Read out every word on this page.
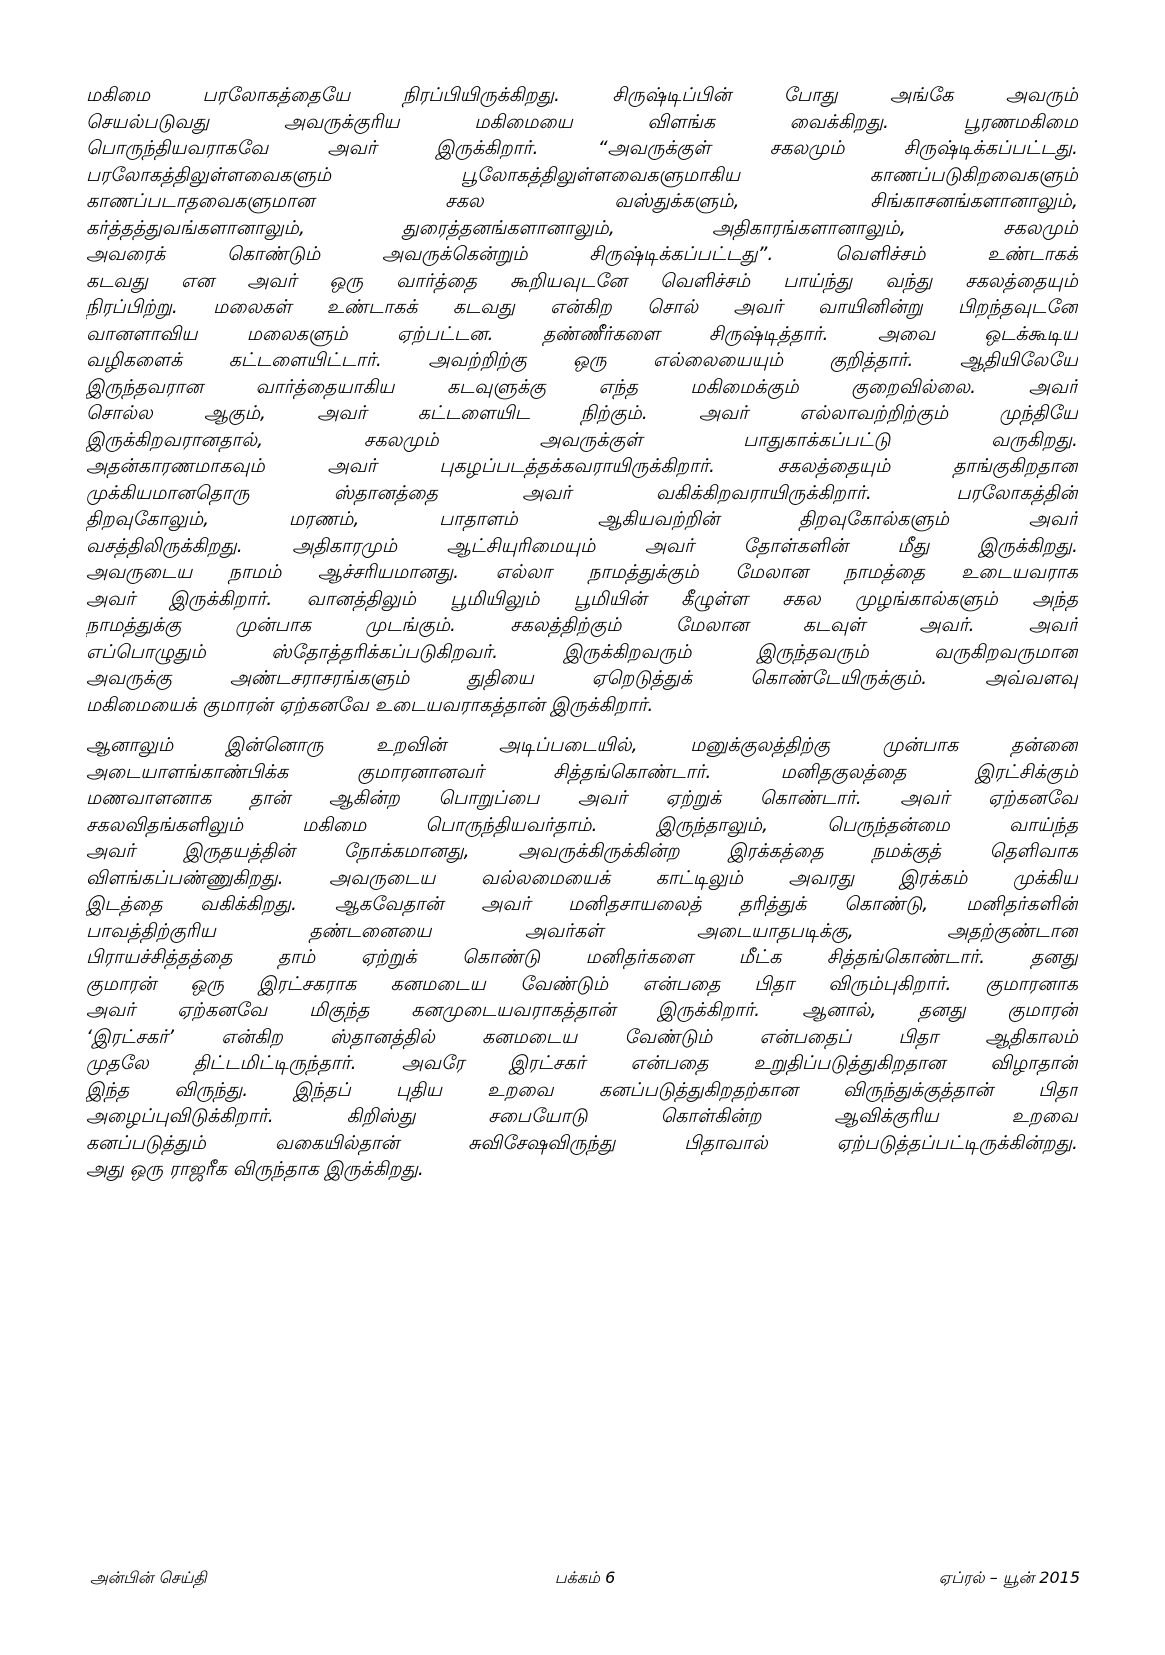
மகிமை பரலோகத்தையே நிரப்பியிருக்கிறது. சிருஷ்டிப்பின் போது அங்கே அவரும்
செயல்படுவது அவருக்குரிய மகிமையை விளங்க வைக்கிறது. பூரணமகிமை
பொருந்தியவராகவே அவர் இருக்கிறார். “அவருக்குள் சகலமும் சிருஷ்டிக்கப்பட்டது.
பரலோகத்திலுள்ளவைகளும் பூலோகத்திலுள்ளவைகளுமாகிய காணப்படுகிறவைகளும்
காணப்படாதவைகளுமான சகல வஸ்துக்களும், சிங்காசனங்களானாலும்,
கர்த்தத்துவங்களானாலும், துரைத்தனங்களானாலும், அதிகாரங்களானாலும், சகலமும்
அவரைக் கொண்டும் அவருக்கென்றும் சிருஷ்டிக்கப்பட்டது”. வெளிச்சம் உண்டாகக்
கடவது என அவர் ஒரு வார்த்தை கூறியவுடனே வெளிச்சம் பாய்ந்து வந்து சகலத்தையும்
நிரப்பிற்று. மலைகள் உண்டாகக் கடவது என்கிற சொல் அவர் வாயினின்று பிறந்தவுடனே
வானளாவிய மலைகளும் ஏற்பட்டன. தண்ணீர்களை சிருஷ்டித்தார். அவை ஒடக்கூடிய
வழிகளைக் கட்டளையிட்டார். அவற்றிற்கு ஒரு எல்லையையும் குறித்தார். ஆதியிலேயே
இருந்தவரான வார்த்தையாகிய கடவுளுக்கு எந்த மகிமைக்கும் குறைவில்லை. அவர்
சொல்ல ஆகும், அவர் கட்டளையிட நிற்கும். அவர் எல்லாவற்றிற்கும் முந்தியே
இருக்கிறவரானதால், சகலமும் அவருக்குள் பாதுகாக்கப்பட்டு வருகிறது.
அதன்காரணமாகவும் அவர் புகழப்படத்தக்கவராயிருக்கிறார். சகலத்தையும் தாங்குகிறதான
முக்கியமானதொரு ஸ்தானத்தை அவர் வகிக்கிறவராயிருக்கிறார். பரலோகத்தின்
திறவுகோலும், மரணம், பாதாளம் ஆகியவற்றின் திறவுகோல்களும் அவர்
வசத்திலிருக்கிறது. அதிகாரமும் ஆட்சியுரிமையும் அவர் தோள்களின் மீது இருக்கிறது.
அவருடைய நாமம் ஆச்சரியமானது. எல்லா நாமத்துக்கும் மேலான நாமத்தை உடையவராக
அவர் இருக்கிறார். வானத்திலும் பூமியிலும் பூமியின் கீழுள்ள சகல முழங்கால்களும் அந்த
நாமத்துக்கு முன்பாக முடங்கும். சகலத்திற்கும் மேலான கடவுள் அவர். அவர்
எப்பொழுதும் ஸ்தோத்தரிக்கப்படுகிறவர். இருக்கிறவரும் இருந்தவரும் வருகிறவருமான
அவருக்கு அண்டசராசரங்களும் துதியை ஏறெடுத்துக் கொண்டேயிருக்கும். அவ்வளவு
மகிமையைக் குமாரன் ஏற்கனவே உடையவராகத்தான் இருக்கிறார்.
ஆனாலும் இன்னொரு உறவின் அடிப்படையில், மனுக்குலத்திற்கு முன்பாக தன்னை
அடையாளங்காண்பிக்க குமாரனானவர் சித்தங்கொண்டார். மனிதகுலத்தை இரட்சிக்கும்
மணவாளனாக தான் ஆகின்ற பொறுப்பை அவர் ஏற்றுக் கொண்டார். அவர் ஏற்கனவே
சகலவிதங்களிலும் மகிமை பொருந்தியவர்தாம். இருந்தாலும், பெருந்தன்மை வாய்ந்த
அவர் இருதயத்தின் நோக்கமானது, அவருக்கிருக்கின்ற இரக்கத்தை நமக்குத் தெளிவாக
விளங்கப்பண்ணுகிறது. அவருடைய வல்லமையைக் காட்டிலும் அவரது இரக்கம் முக்கிய
இடத்தை வகிக்கிறது. ஆகவேதான் அவர் மனிதசாயலைத் தரித்துக் கொண்டு, மனிதர்களின்
பாவத்திற்குரிய தண்டனையை அவர்கள் அடையாதபடிக்கு, அதற்குண்டான
பிராயச்சித்தத்தை தாம் ஏற்றுக் கொண்டு மனிதர்களை மீட்க சித்தங்கொண்டார். தனது
குமாரன் ஒரு இரட்சகராக கனமடைய வேண்டும் என்பதை பிதா விரும்புகிறார். குமாரனாக
அவர் ஏற்கனவே மிகுந்த கனமுடையவராகத்தான் இருக்கிறார். ஆனால், தனது குமாரன்
‘இரட்சகர்’ என்கிற ஸ்தானத்தில் கனமடைய வேண்டும் என்பதைப் பிதா ஆதிகாலம்
முதலே திட்டமிட்டிருந்தார். அவரே இரட்சகர் என்பதை உறுதிப்படுத்துகிறதான விழாதான்
இந்த விருந்து. இந்தப் புதிய உறவை கனப்படுத்துகிறதற்கான விருந்துக்குத்தான் பிதா
அழைப்புவிடுக்கிறார். கிறிஸ்து சபையோடு கொள்கின்ற ஆவிக்குரிய உறவை
கனப்படுத்தும் வகையில்தான் சுவிசேஷவிருந்து பிதாவால் ஏற்படுத்தப்பட்டிருக்கின்றது.
அது ஒரு ராஜரீக விருந்தாக இருக்கிறது.
அன்பின் செய்தி	பக்கம் 6	ஏப்ரல் – யூன் 2015
